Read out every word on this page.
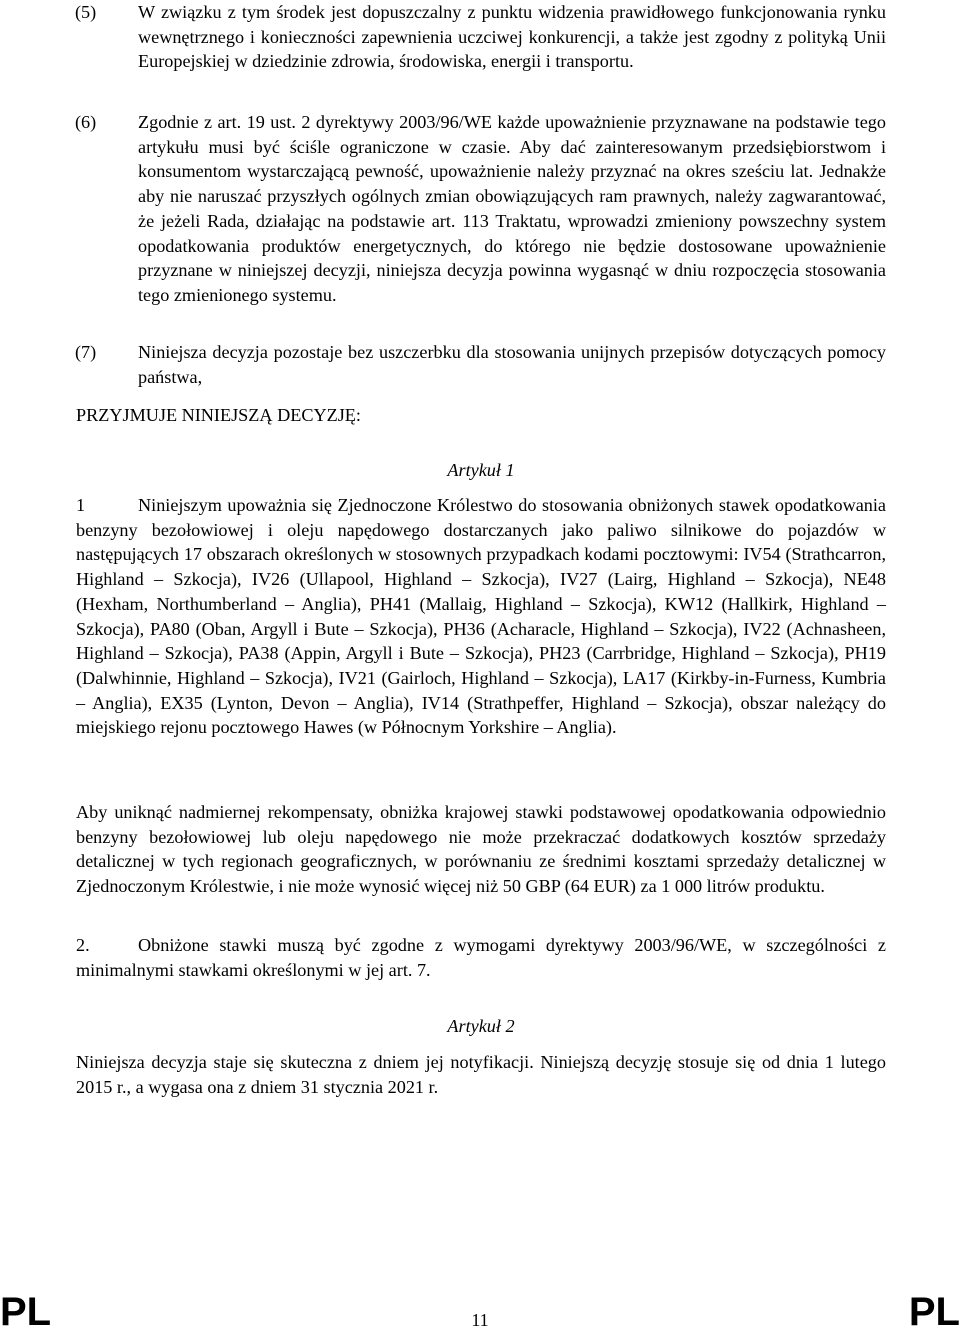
(5) W związku z tym środek jest dopuszczalny z punktu widzenia prawidłowego funkcjonowania rynku wewnętrznego i konieczności zapewnienia uczciwej konkurencji, a także jest zgodny z polityką Unii Europejskiej w dziedzinie zdrowia, środowiska, energii i transportu.

(6) Zgodnie z art. 19 ust. 2 dyrektywy 2003/96/WE każde upoważnienie przyznawane na podstawie tego artykułu musi być ściśle ograniczone w czasie. Aby dać zainteresowanym przedsiębiorstwom i konsumentom wystarczającą pewność, upoważnienie należy przyznać na okres sześciu lat. Jednakże aby nie naruszać przyszłych ogólnych zmian obowiązujących ram prawnych, należy zagwarantować, że jeżeli Rada, działając na podstawie art. 113 Traktatu, wprowadzi zmieniony powszechny system opodatkowania produktów energetycznych, do którego nie będzie dostosowane upoważnienie przyznane w niniejszej decyzji, niniejsza decyzja powinna wygasnąć w dniu rozpoczęcia stosowania tego zmienionego systemu.

(7) Niniejsza decyzja pozostaje bez uszczerbku dla stosowania unijnych przepisów dotyczących pomocy państwa,

PRZYJMUJE NINIEJSZĄ DECYZJĘ:

Artykuł 1

1	Niniejszym upoważnia się Zjednoczone Królestwo do stosowania obniżonych stawek opodatkowania benzyny bezołowiowej i oleju napędowego dostarczanych jako paliwo silnikowe do pojazdów w następujących 17 obszarach określonych w stosownych przypadkach kodami pocztowymi: IV54 (Strathcarron, Highland – Szkocja), IV26 (Ullapool, Highland – Szkocja), IV27 (Lairg, Highland – Szkocja), NE48 (Hexham, Northumberland – Anglia), PH41 (Mallaig, Highland – Szkocja), KW12 (Hallkirk, Highland – Szkocja), PA80 (Oban, Argyll i Bute – Szkocja), PH36 (Acharacle, Highland – Szkocja), IV22 (Achnasheen, Highland – Szkocja), PA38 (Appin, Argyll i Bute – Szkocja), PH23 (Carrbridge, Highland – Szkocja), PH19 (Dalwhinnie, Highland – Szkocja), IV21 (Gairloch, Highland – Szkocja), LA17 (Kirkby-in-Furness, Kumbria – Anglia), EX35 (Lynton, Devon – Anglia), IV14 (Strathpeffer, Highland – Szkocja), obszar należący do miejskiego rejonu pocztowego Hawes (w Północnym Yorkshire – Anglia).

Aby uniknąć nadmiernej rekompensaty, obniżka krajowej stawki podstawowej opodatkowania odpowiednio benzyny bezołowiowej lub oleju napędowego nie może przekraczać dodatkowych kosztów sprzedaży detalicznej w tych regionach geograficznych, w porównaniu ze średnimi kosztami sprzedaży detalicznej w Zjednoczonym Królestwie, i nie może wynosić więcej niż 50 GBP (64 EUR) za 1 000 litrów produktu.

2.	Obniżone stawki muszą być zgodne z wymogami dyrektywy 2003/96/WE, w szczególności z minimalnymi stawkami określonymi w jej art. 7.

Artykuł 2

Niniejsza decyzja staje się skuteczna z dniem jej notyfikacji. Niniejszą decyzję stosuje się od dnia 1 lutego 2015 r., a wygasa ona z dniem 31 stycznia 2021 r.

PL	11	PL
